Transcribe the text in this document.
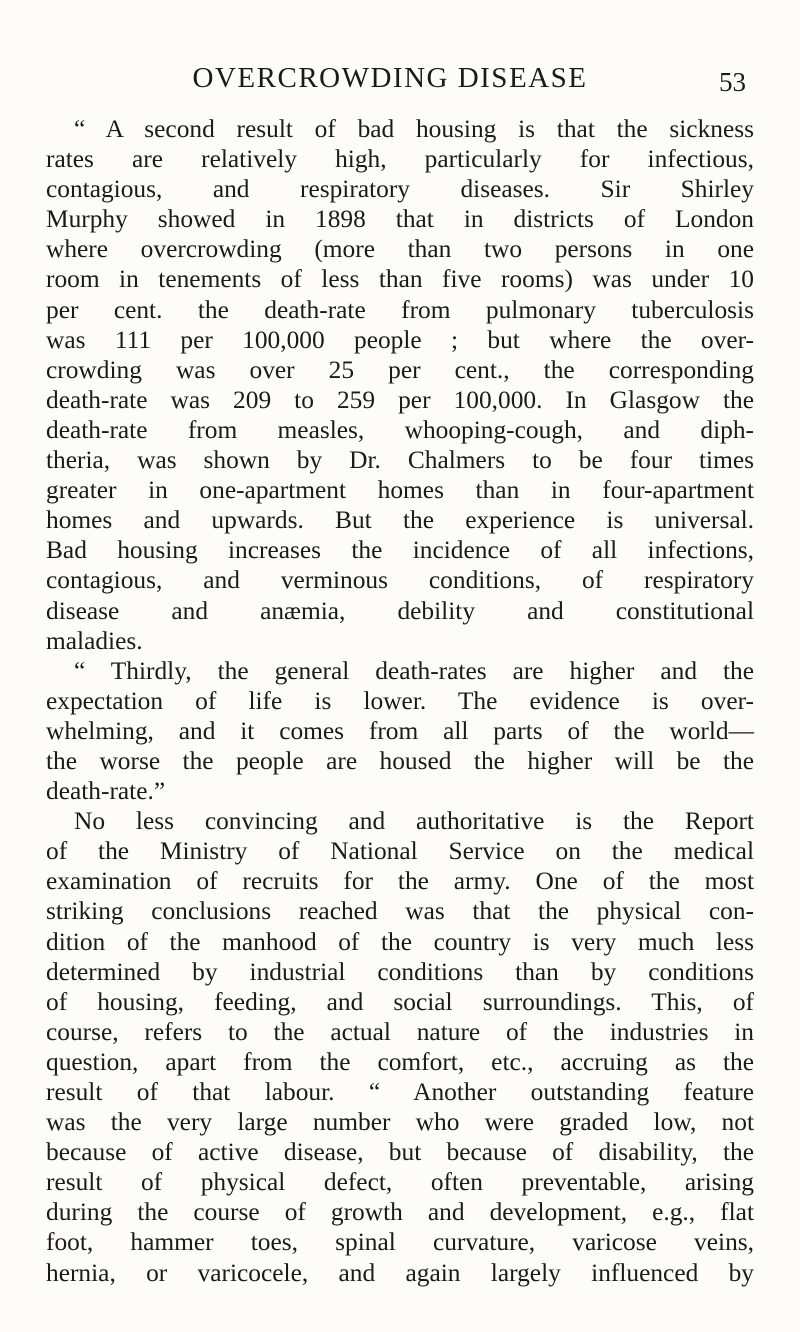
OVERCROWDING DISEASE	53
“ A second result of bad housing is that the sickness
rates are relatively high, particularly for infectious,
contagious, and respiratory diseases. Sir Shirley
Murphy showed in 1898 that in districts of London
where overcrowding (more than two persons in one
room in tenements of less than five rooms) was under 10
per cent. the death-rate from pulmonary tuberculosis
was 111 per 100,000 people ; but where the over-
crowding was over 25 per cent., the corresponding
death-rate was 209 to 259 per 100,000. In Glasgow the
death-rate from measles, whooping-cough, and diph-
theria, was shown by Dr. Chalmers to be four times
greater in one-apartment homes than in four-apartment
homes and upwards. But the experience is universal.
Bad housing increases the incidence of all infections,
contagious, and verminous conditions, of respiratory
disease and anæmia, debility and constitutional
maladies.
“ Thirdly, the general death-rates are higher and the
expectation of life is lower. The evidence is over-
whelming, and it comes from all parts of the world—
the worse the people are housed the higher will be the
death-rate.”
No less convincing and authoritative is the Report
of the Ministry of National Service on the medical
examination of recruits for the army. One of the most
striking conclusions reached was that the physical con-
dition of the manhood of the country is very much less
determined by industrial conditions than by conditions
of housing, feeding, and social surroundings. This, of
course, refers to the actual nature of the industries in
question, apart from the comfort, etc., accruing as the
result of that labour. “ Another outstanding feature
was the very large number who were graded low, not
because of active disease, but because of disability, the
result of physical defect, often preventable, arising
during the course of growth and development, e.g., flat
foot, hammer toes, spinal curvature, varicose veins,
hernia, or varicocele, and again largely influenced by
